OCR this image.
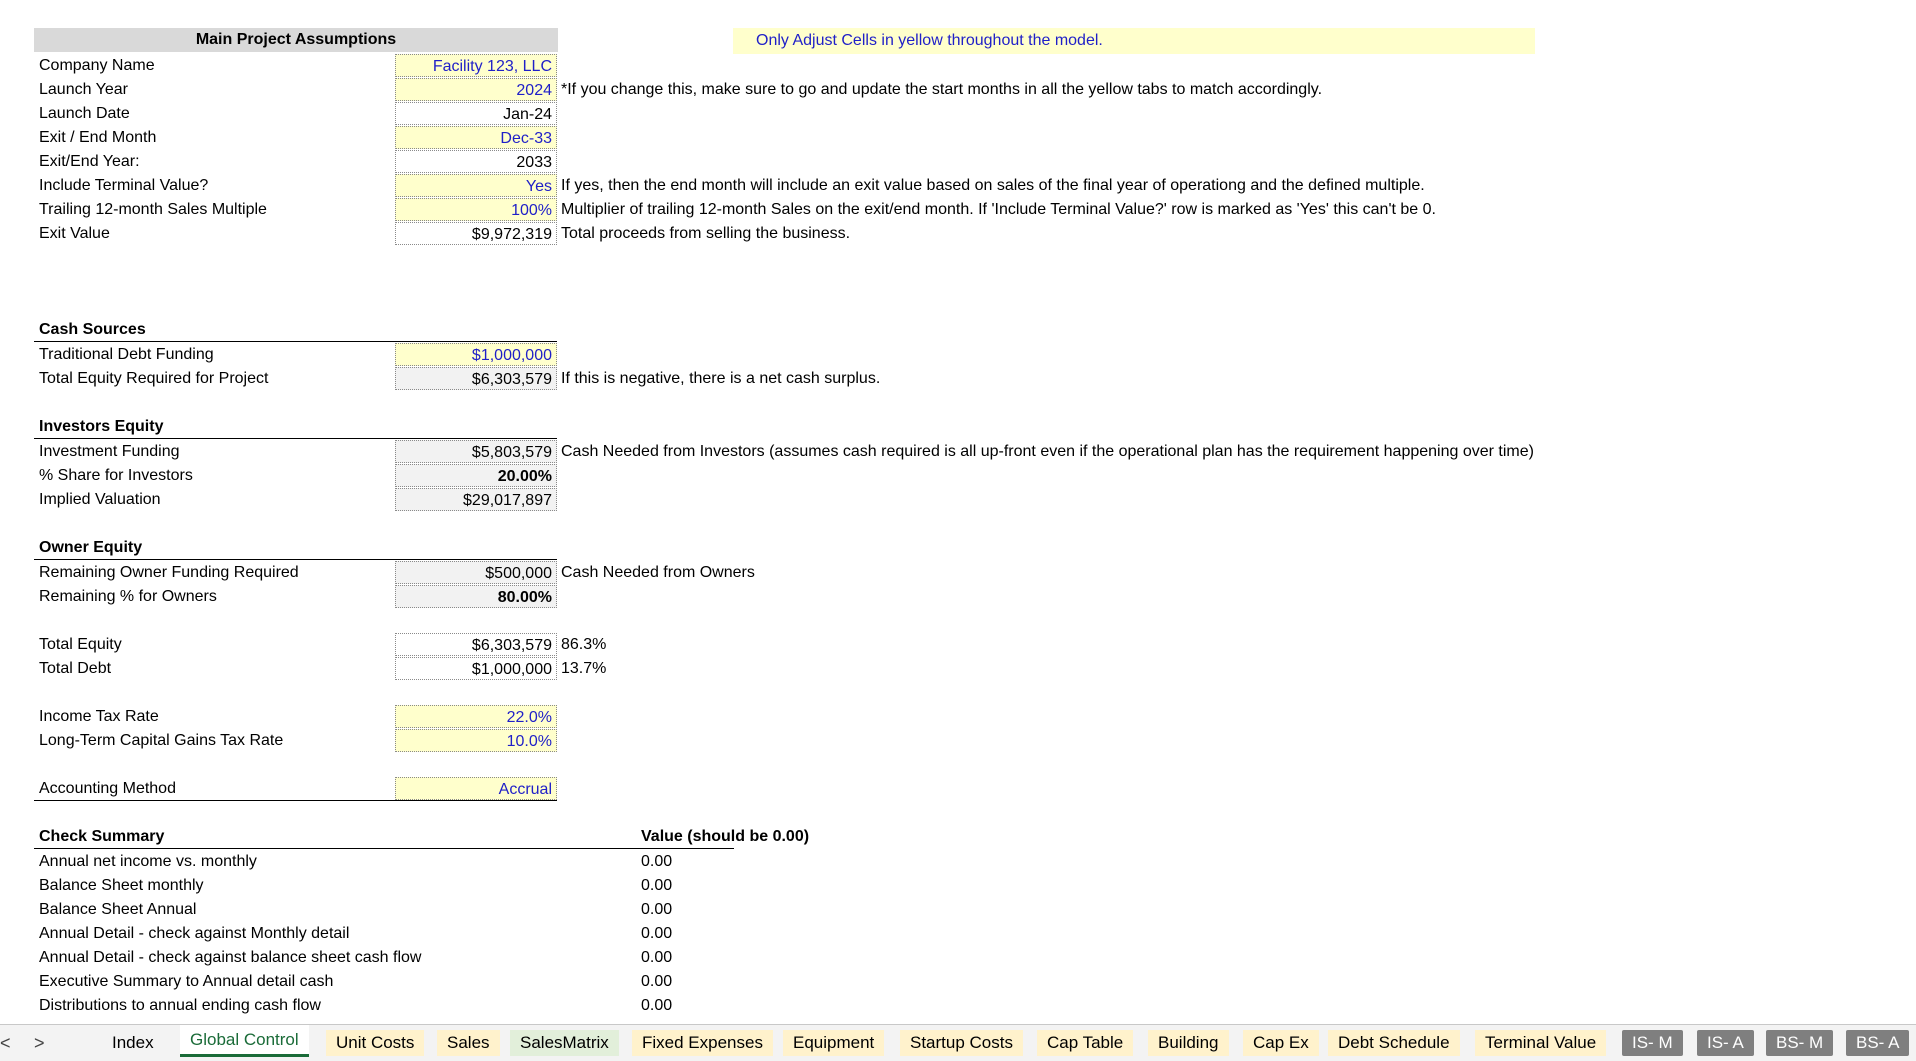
Main Project Assumptions	Only Adjust Cells in yellow throughout the model.
Company Name	Facility 123, LLC
Launch Year	2024 *If you change this, make sure to go and update the start months in all the yellow tabs to match accordingly.
Launch Date	Jan-24
Exit / End Month	Dec-33
Exit/End Year:	2033
Include Terminal Value?	Yes If yes, then the end month will include an exit value based on sales of the final year of operationg and the defined multiple.
Trailing 12-month Sales Multiple	100% Multiplier of trailing 12-month Sales on the exit/end month. If 'Include Terminal Value?' row is marked as 'Yes' this can't be 0.
Exit Value	$9,972,319 Total proceeds from selling the business.
Cash Sources
Traditional Debt Funding	$1,000,000
Total Equity Required for Project	$6,303,579 If this is negative, there is a net cash surplus.
Investors Equity
Investment Funding	$5,803,579 Cash Needed from Investors (assumes cash required is all up-front even if the operational plan has the requirement happening over time)
% Share for Investors	20.00%
Implied Valuation	$29,017,897
Owner Equity
Remaining Owner Funding Required	$500,000 Cash Needed from Owners
Remaining % for Owners	80.00%
Total Equity	$6,303,579 86.3%
Total Debt	$1,000,000 13.7%
Income Tax Rate	22.0%
Long-Term Capital Gains Tax Rate	10.0%
Accounting Method	Accrual
Check Summary	Value (should be 0.00)
Annual net income vs. monthly	0.00
Balance Sheet monthly	0.00
Balance Sheet Annual	0.00
Annual Detail - check against Monthly detail	0.00
Annual Detail - check against balance sheet cash flow	0.00
Executive Summary to Annual detail cash	0.00
Distributions to annual ending cash flow	0.00
< >	Index	Global Control	Unit Costs	Sales	SalesMatrix	Fixed Expenses	Equipment	Startup Costs	Cap Table	Building	Cap Ex	Debt Schedule	Terminal Value	IS- M	IS- A	BS- M	BS- A
